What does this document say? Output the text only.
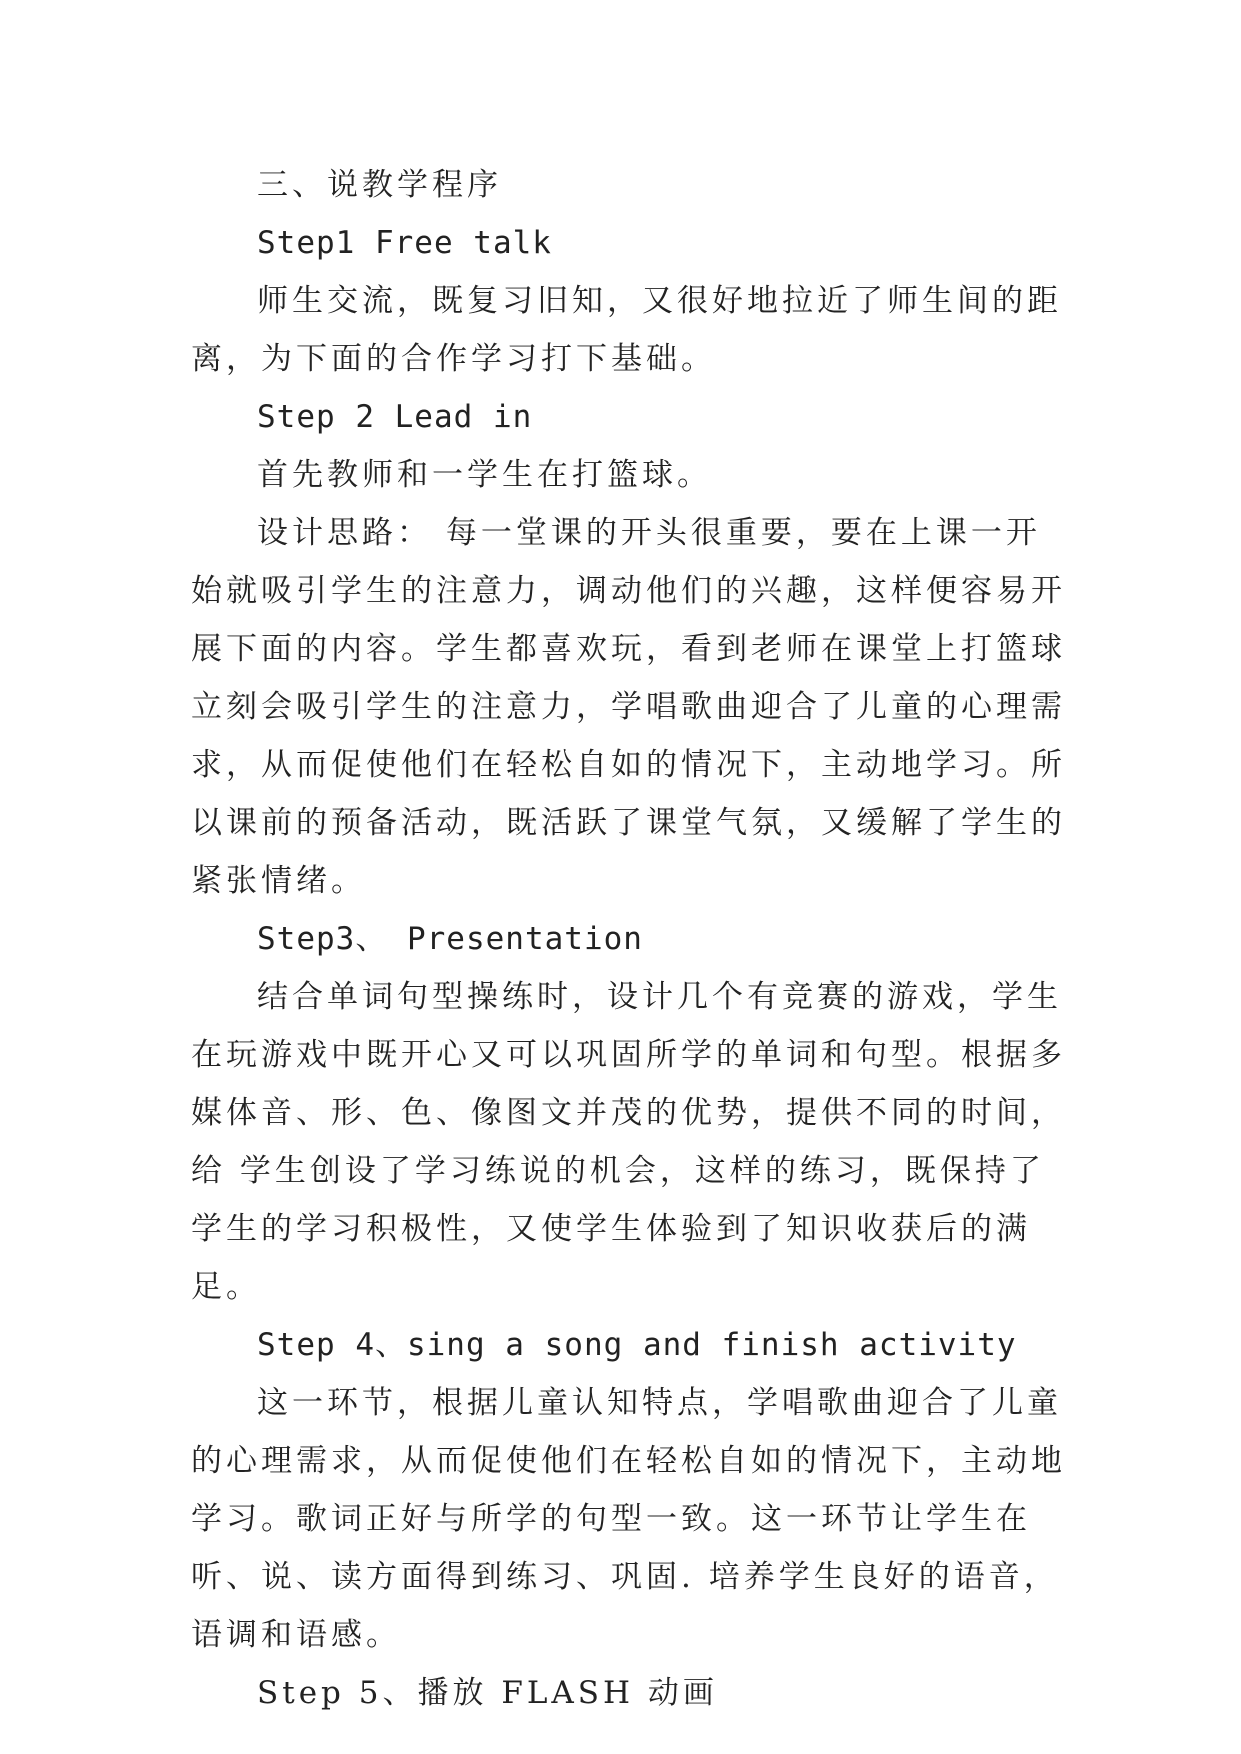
三、说教学程序

Step1 Free talk

师生交流，既复习旧知，又很好地拉近了师生间的距离，为下面的合作学习打下基础。

Step 2 Lead in

首先教师和一学生在打篮球。

设计思路： 每一堂课的开头很重要，要在上课一开始就吸引学生的注意力，调动他们的兴趣，这样便容易开展下面的内容。学生都喜欢玩，看到老师在课堂上打篮球立刻会吸引学生的注意力，学唱歌曲迎合了儿童的心理需求，从而促使他们在轻松自如的情况下，主动地学习。所以课前的预备活动，既活跃了课堂气氛，又缓解了学生的紧张情绪。

Step3、 Presentation

结合单词句型操练时，设计几个有竞赛的游戏，学生在玩游戏中既开心又可以巩固所学的单词和句型。根据多媒体音、形、色、像图文并茂的优势，提供不同的时间，给 学生创设了学习练说的机会，这样的练习，既保持了学生的学习积极性，又使学生体验到了知识收获后的满足。

Step 4、sing a song and finish activity

这一环节，根据儿童认知特点，学唱歌曲迎合了儿童的心理需求，从而促使他们在轻松自如的情况下，主动地学习。歌词正好与所学的句型一致。这一环节让学生在听、说、读方面得到练习、巩固. 培养学生良好的语音，语调和语感。

Step 5、播放 FLASH 动画
